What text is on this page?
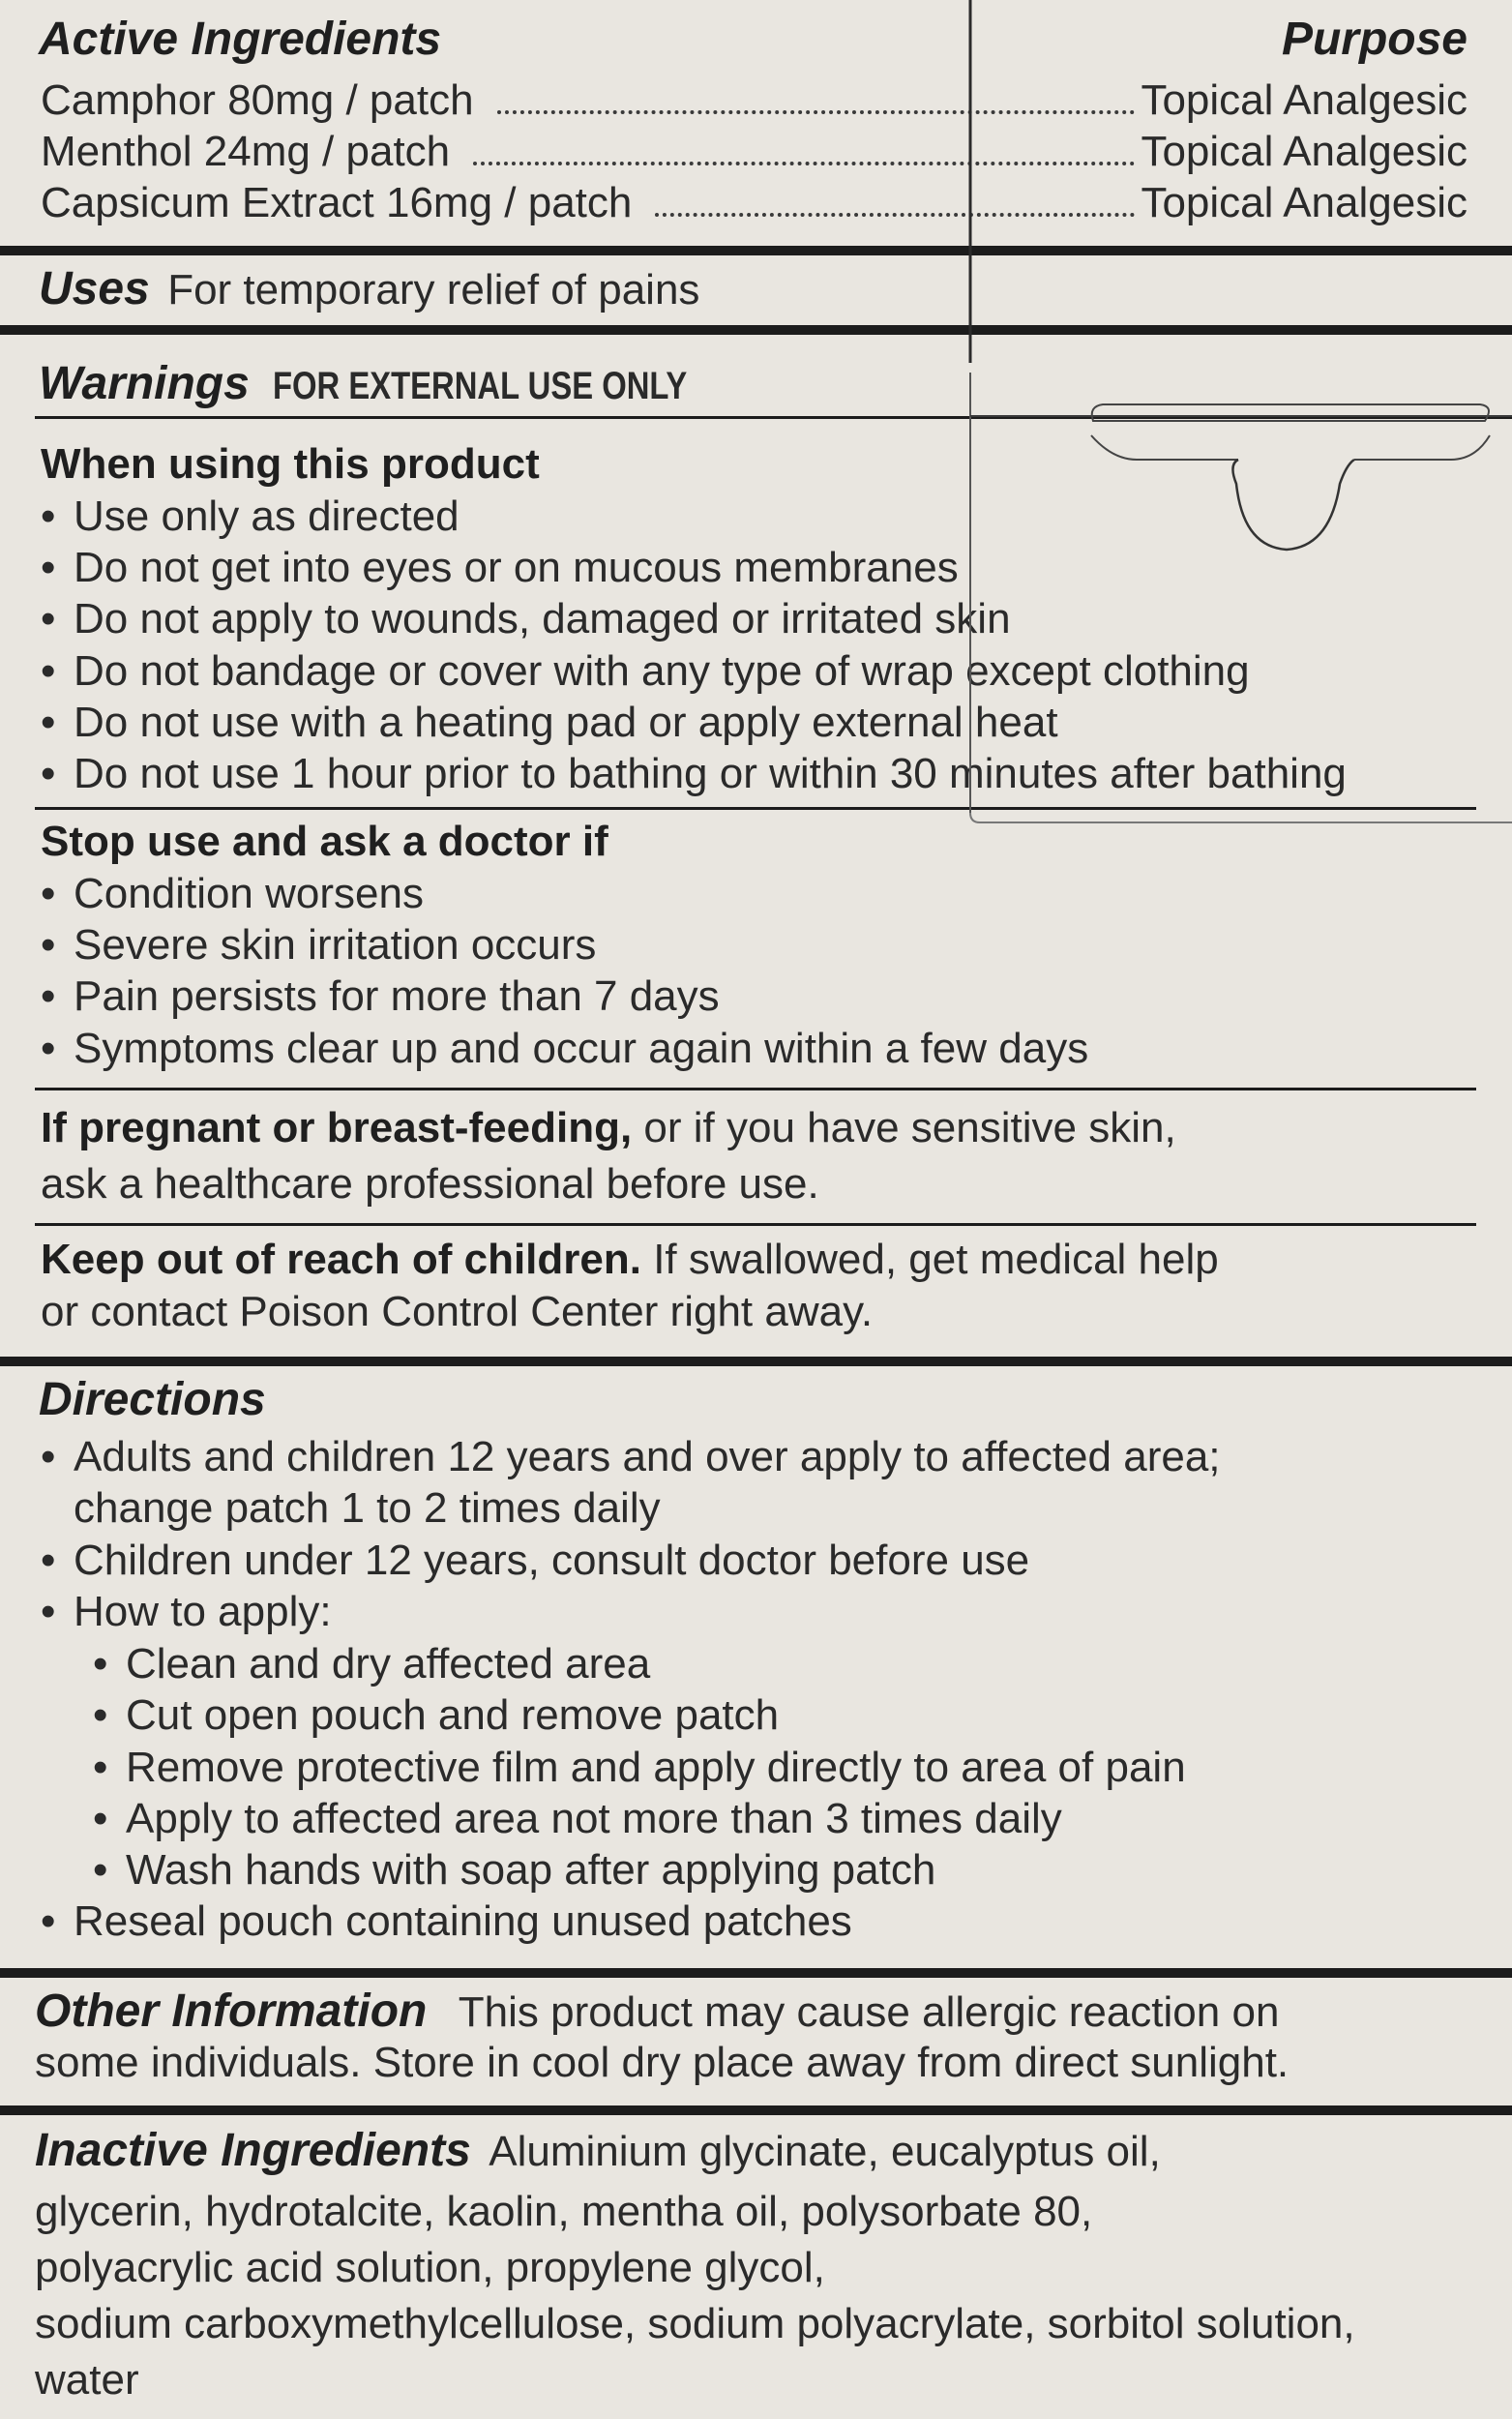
Active Ingredients	Purpose
Camphor 80mg / patch	Topical Analgesic
Menthol 24mg / patch	Topical Analgesic
Capsicum Extract 16mg / patch	Topical Analgesic
Uses For temporary relief of pains
Warnings FOR EXTERNAL USE ONLY
When using this product
• Use only as directed
• Do not get into eyes or on mucous membranes
• Do not apply to wounds, damaged or irritated skin
• Do not bandage or cover with any type of wrap except clothing
• Do not use with a heating pad or apply external heat
• Do not use 1 hour prior to bathing or within 30 minutes after bathing
Stop use and ask a doctor if
• Condition worsens
• Severe skin irritation occurs
• Pain persists for more than 7 days
• Symptoms clear up and occur again within a few days
If pregnant or breast-feeding, or if you have sensitive skin,
ask a healthcare professional before use.
Keep out of reach of children. If swallowed, get medical help
or contact Poison Control Center right away.
Directions
• Adults and children 12 years and over apply to affected area;
change patch 1 to 2 times daily
• Children under 12 years, consult doctor before use
• How to apply:
• Clean and dry affected area
• Cut open pouch and remove patch
• Remove protective film and apply directly to area of pain
• Apply to affected area not more than 3 times daily
• Wash hands with soap after applying patch
• Reseal pouch containing unused patches
Other Information This product may cause allergic reaction on
some individuals. Store in cool dry place away from direct sunlight.
Inactive Ingredients Aluminium glycinate, eucalyptus oil,
glycerin, hydrotalcite, kaolin, mentha oil, polysorbate 80,
polyacrylic acid solution, propylene glycol,
sodium carboxymethylcellulose, sodium polyacrylate, sorbitol solution,
water
